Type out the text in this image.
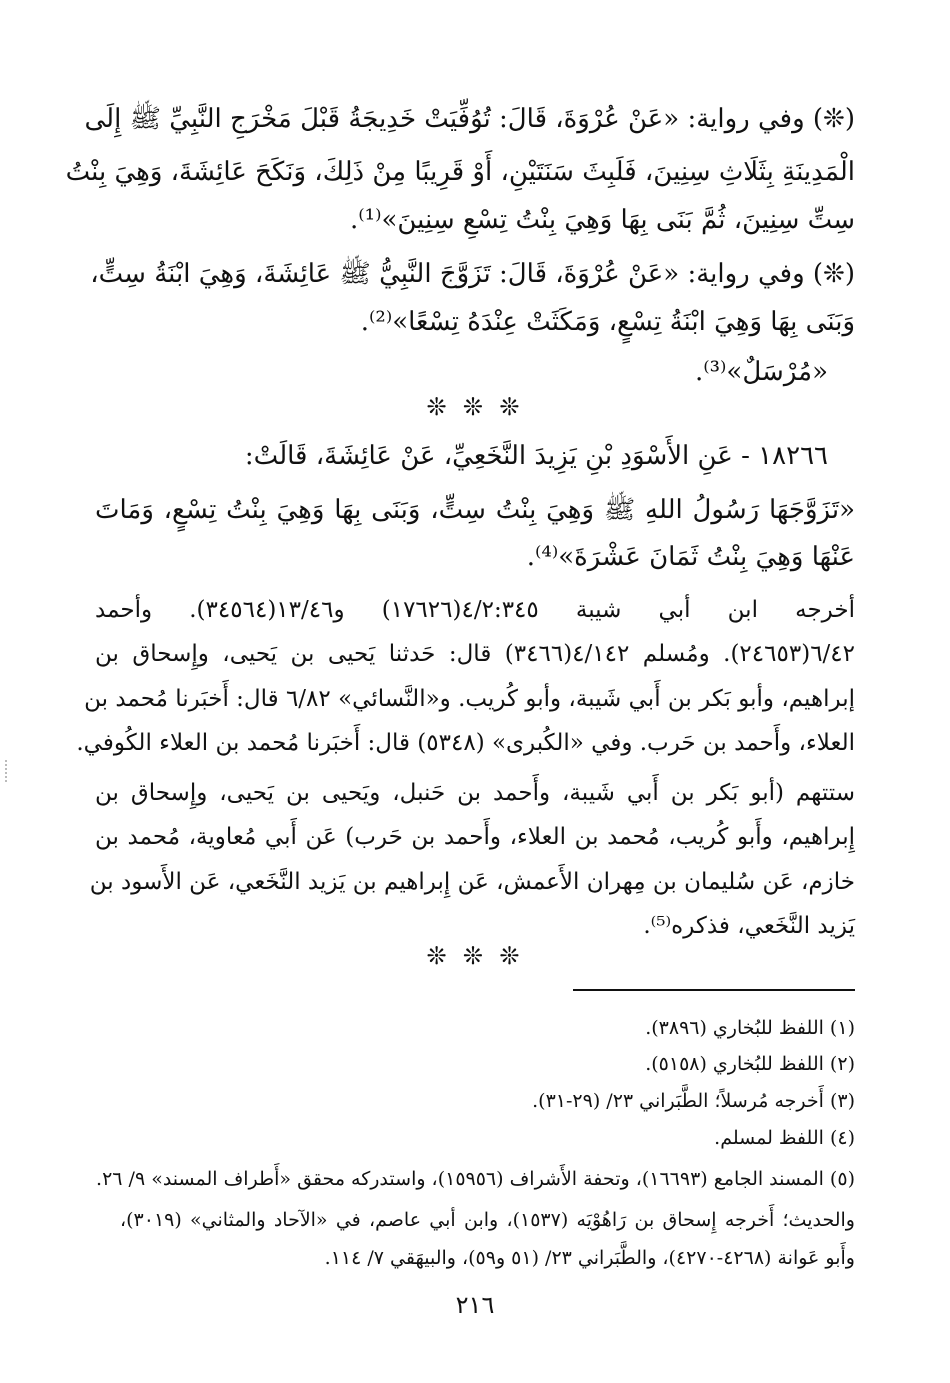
(❊) وفي رواية: «عَنْ عُرْوَةَ، قَالَ: تُوُفِّيَتْ خَدِيجَةُ قَبْلَ مَخْرَجِ النَّبِيِّ ﷺ إِلَى
الْمَدِينَةِ بِثَلَاثِ سِنِينَ، فَلَبِثَ سَنَتَيْنِ، أَوْ قَرِيبًا مِنْ ذَلِكَ، وَنَكَحَ عَائِشَةَ، وَهِيَ بِنْتُ
سِتِّ سِنِينَ، ثُمَّ بَنَى بِهَا وَهِيَ بِنْتُ تِسْعِ سِنِينَ»⁽¹⁾.
(❊) وفي رواية: «عَنْ عُرْوَةَ، قَالَ: تَزَوَّجَ النَّبِيُّ ﷺ عَائِشَةَ، وَهِيَ ابْنَةُ سِتٍّ،
وَبَنَى بِهَا وَهِيَ ابْنَةُ تِسْعٍ، وَمَكَثَتْ عِنْدَهُ تِسْعًا»⁽²⁾.
«مُرْسَلٌ»⁽³⁾.
❊ ❊ ❊
١٨٢٦٦ - عَنِ الأَسْوَدِ بْنِ يَزِيدَ النَّخَعِيِّ، عَنْ عَائِشَةَ، قَالَتْ:
«تَزَوَّجَهَا رَسُولُ اللهِ ﷺ وَهِيَ بِنْتُ سِتٍّ، وَبَنَى بِهَا وَهِيَ بِنْتُ تِسْعٍ، وَمَاتَ
عَنْهَا وَهِيَ بِنْتُ ثَمَانَ عَشْرَةَ»⁽⁴⁾.
أخرجه ابن أبي شيبة ٤/٢:٣٤٥(١٧٦٢٦) و١٣/٤٦(٣٤٥٦٤). وأحمد
٦/٤٢(٢٤٦٥٣). ومُسلم ٤/١٤٢(٣٤٦٦) قال: حَدثنا يَحيى بن يَحيى، وإِسحاق بن
إبراهيم، وأبو بَكر بن أَبي شَيبة، وأبو كُريب. و«النَّسائي» ٦/٨٢ قال: أَخبَرنا مُحمد بن
العلاء، وأَحمد بن حَرب. وفي «الكُبرى» (٥٣٤٨) قال: أَخبَرنا مُحمد بن العلاء الكُوفي.
ستتهم (أبو بَكر بن أَبي شَيبة، وأَحمد بن حَنبل، ويَحيى بن يَحيى، وإِسحاق بن
إِبراهيم، وأَبو كُريب، مُحمد بن العلاء، وأَحمد بن حَرب) عَن أَبي مُعاوية، مُحمد بن
خازم، عَن سُليمان بن مِهران الأَعمش، عَن إِبراهيم بن يَزيد النَّخَعي، عَن الأَسود بن
يَزيد النَّخَعي، فذكره⁽⁵⁾.
❊ ❊ ❊
(١) اللفظ للبُخاري (٣٨٩٦).
(٢) اللفظ للبُخاري (٥١٥٨).
(٣) أَخرجه مُرسلاً؛ الطَّبَراني ٢٣/ (٢٩-٣١).
(٤) اللفظ لمسلم.
(٥) المسند الجامع (١٦٦٩٣)، وتحفة الأَشراف (١٥٩٥٦)، واستدركه محقق «أَطراف المسند» ٩/ ٢٦.
والحديث؛ أَخرجه إِسحاق بن رَاهُوْيَه (١٥٣٧)، وابن أبي عاصم، في «الآحاد والمثاني» (٣٠١٩)،
وأَبو عَوانة (٤٢٦٨-٤٢٧٠)، والطَّبَراني ٢٣/ (٥١ و٥٩)، والبيهَقي ٧/ ١١٤.
٢١٦
